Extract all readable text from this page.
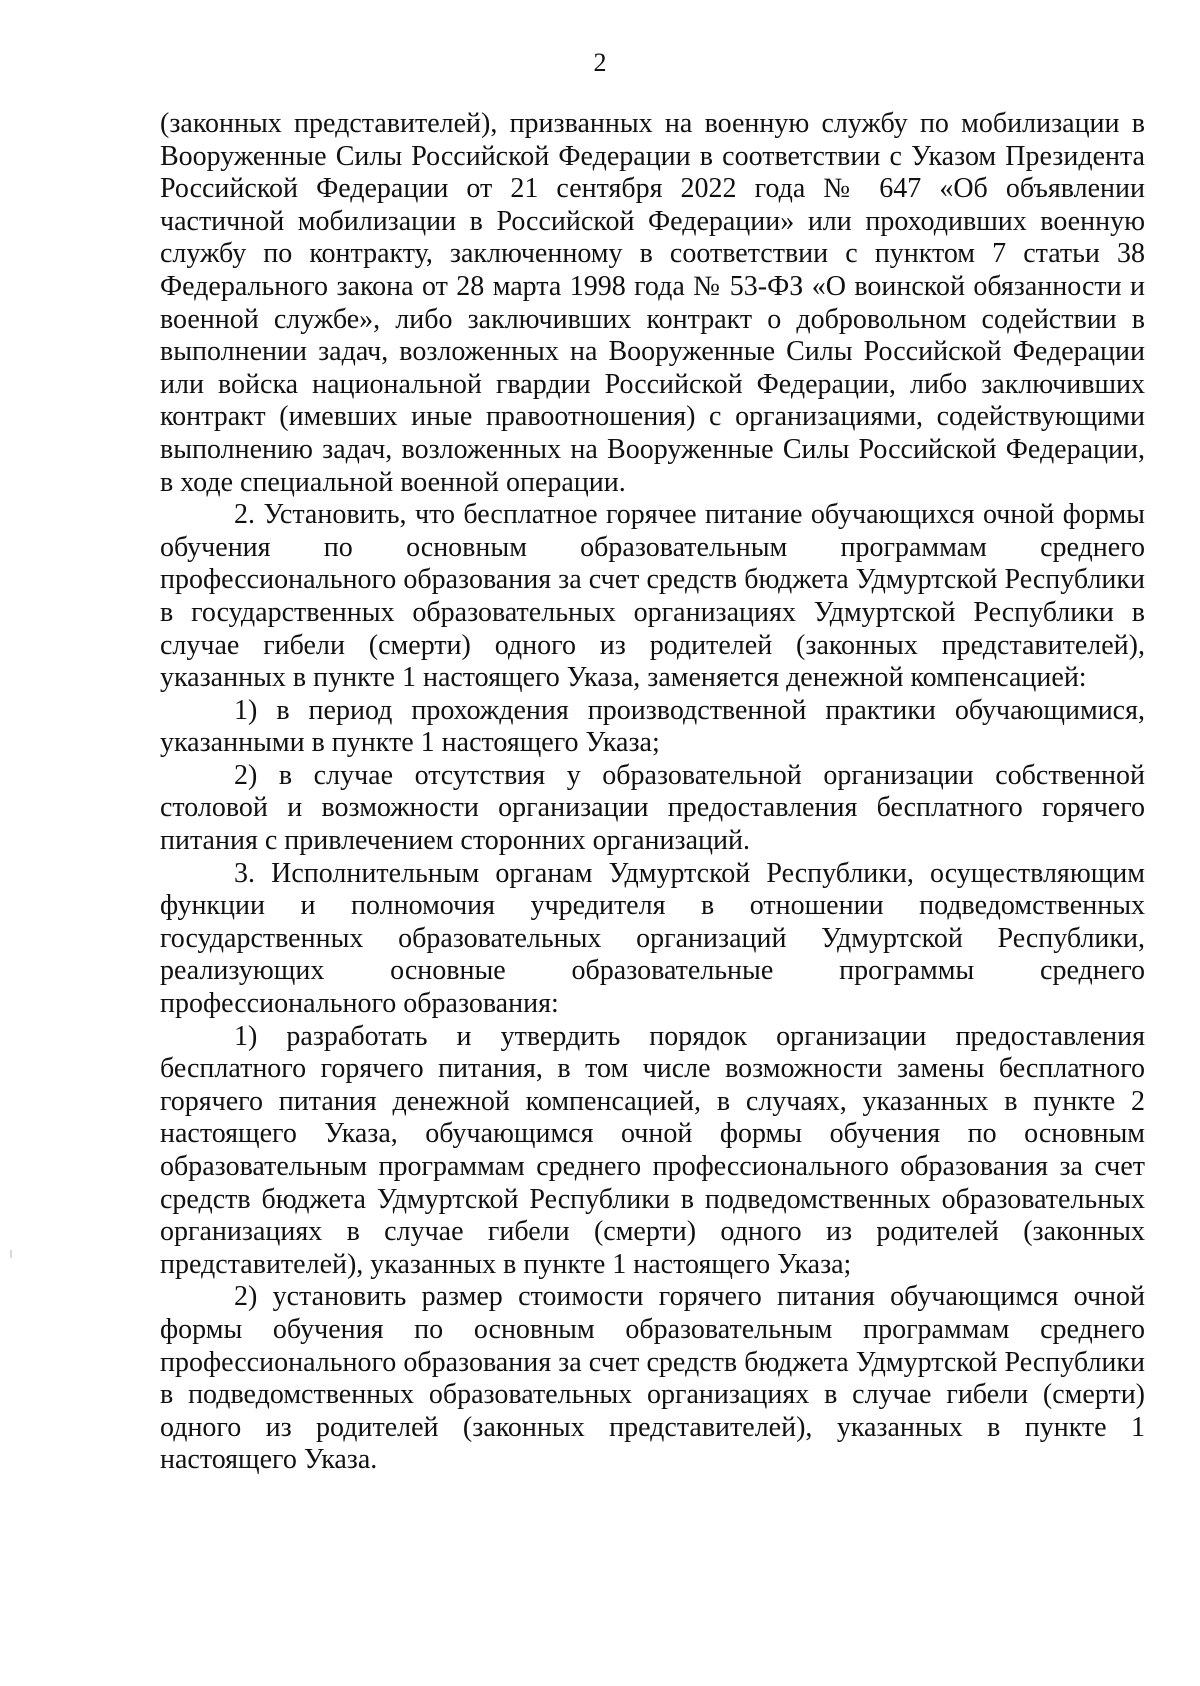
2

(законных представителей), призванных на военную службу по мобилизации в Вооруженные Силы Российской Федерации в соответствии с Указом Президента Российской Федерации от 21 сентября 2022 года № 647 «Об объявлении частичной мобилизации в Российской Федерации» или проходивших военную службу по контракту, заключенному в соответствии с пунктом 7 статьи 38 Федерального закона от 28 марта 1998 года № 53-ФЗ «О воинской обязанности и военной службе», либо заключивших контракт о добровольном содействии в выполнении задач, возложенных на Вооруженные Силы Российской Федерации или войска национальной гвардии Российской Федерации, либо заключивших контракт (имевших иные правоотношения) с организациями, содействующими выполнению задач, возложенных на Вооруженные Силы Российской Федерации, в ходе специальной военной операции.

2. Установить, что бесплатное горячее питание обучающихся очной формы обучения по основным образовательным программам среднего профессионального образования за счет средств бюджета Удмуртской Республики в государственных образовательных организациях Удмуртской Республики в случае гибели (смерти) одного из родителей (законных представителей), указанных в пункте 1 настоящего Указа, заменяется денежной компенсацией:

1) в период прохождения производственной практики обучающимися, указанными в пункте 1 настоящего Указа;

2) в случае отсутствия у образовательной организации собственной столовой и возможности организации предоставления бесплатного горячего питания с привлечением сторонних организаций.

3. Исполнительным органам Удмуртской Республики, осуществляющим функции и полномочия учредителя в отношении подведомственных государственных образовательных организаций Удмуртской Республики, реализующих основные образовательные программы среднего профессионального образования:

1) разработать и утвердить порядок организации предоставления бесплатного горячего питания, в том числе возможности замены бесплатного горячего питания денежной компенсацией, в случаях, указанных в пункте 2 настоящего Указа, обучающимся очной формы обучения по основным образовательным программам среднего профессионального образования за счет средств бюджета Удмуртской Республики в подведомственных образовательных организациях в случае гибели (смерти) одного из родителей (законных представителей), указанных в пункте 1 настоящего Указа;

2) установить размер стоимости горячего питания обучающимся очной формы обучения по основным образовательным программам среднего профессионального образования за счет средств бюджета Удмуртской Республики в подведомственных образовательных организациях в случае гибели (смерти) одного из родителей (законных представителей), указанных в пункте 1 настоящего Указа.
